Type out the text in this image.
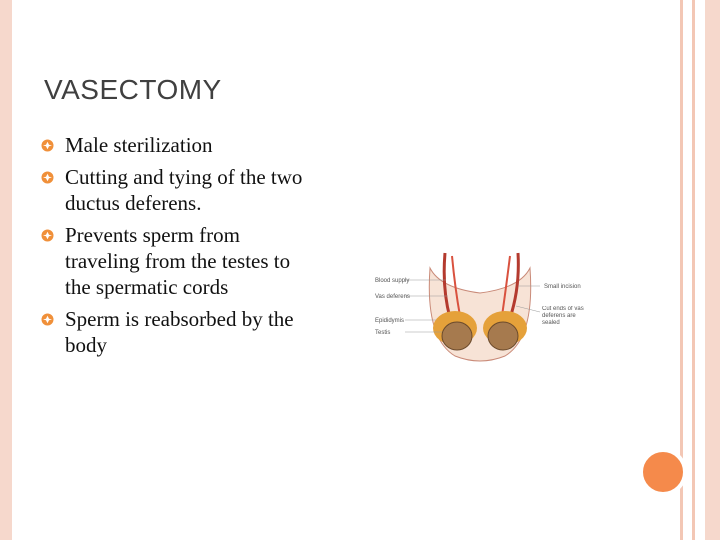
VASECTOMY
Male sterilization
Cutting and tying of the two ductus deferens.
Prevents sperm from traveling from the testes to the spermatic cords
Sperm is reabsorbed by the body
Blood supply
Vas deferens
Epididymis
Testis
Small incision
Cut ends of vas deferens are sealed
